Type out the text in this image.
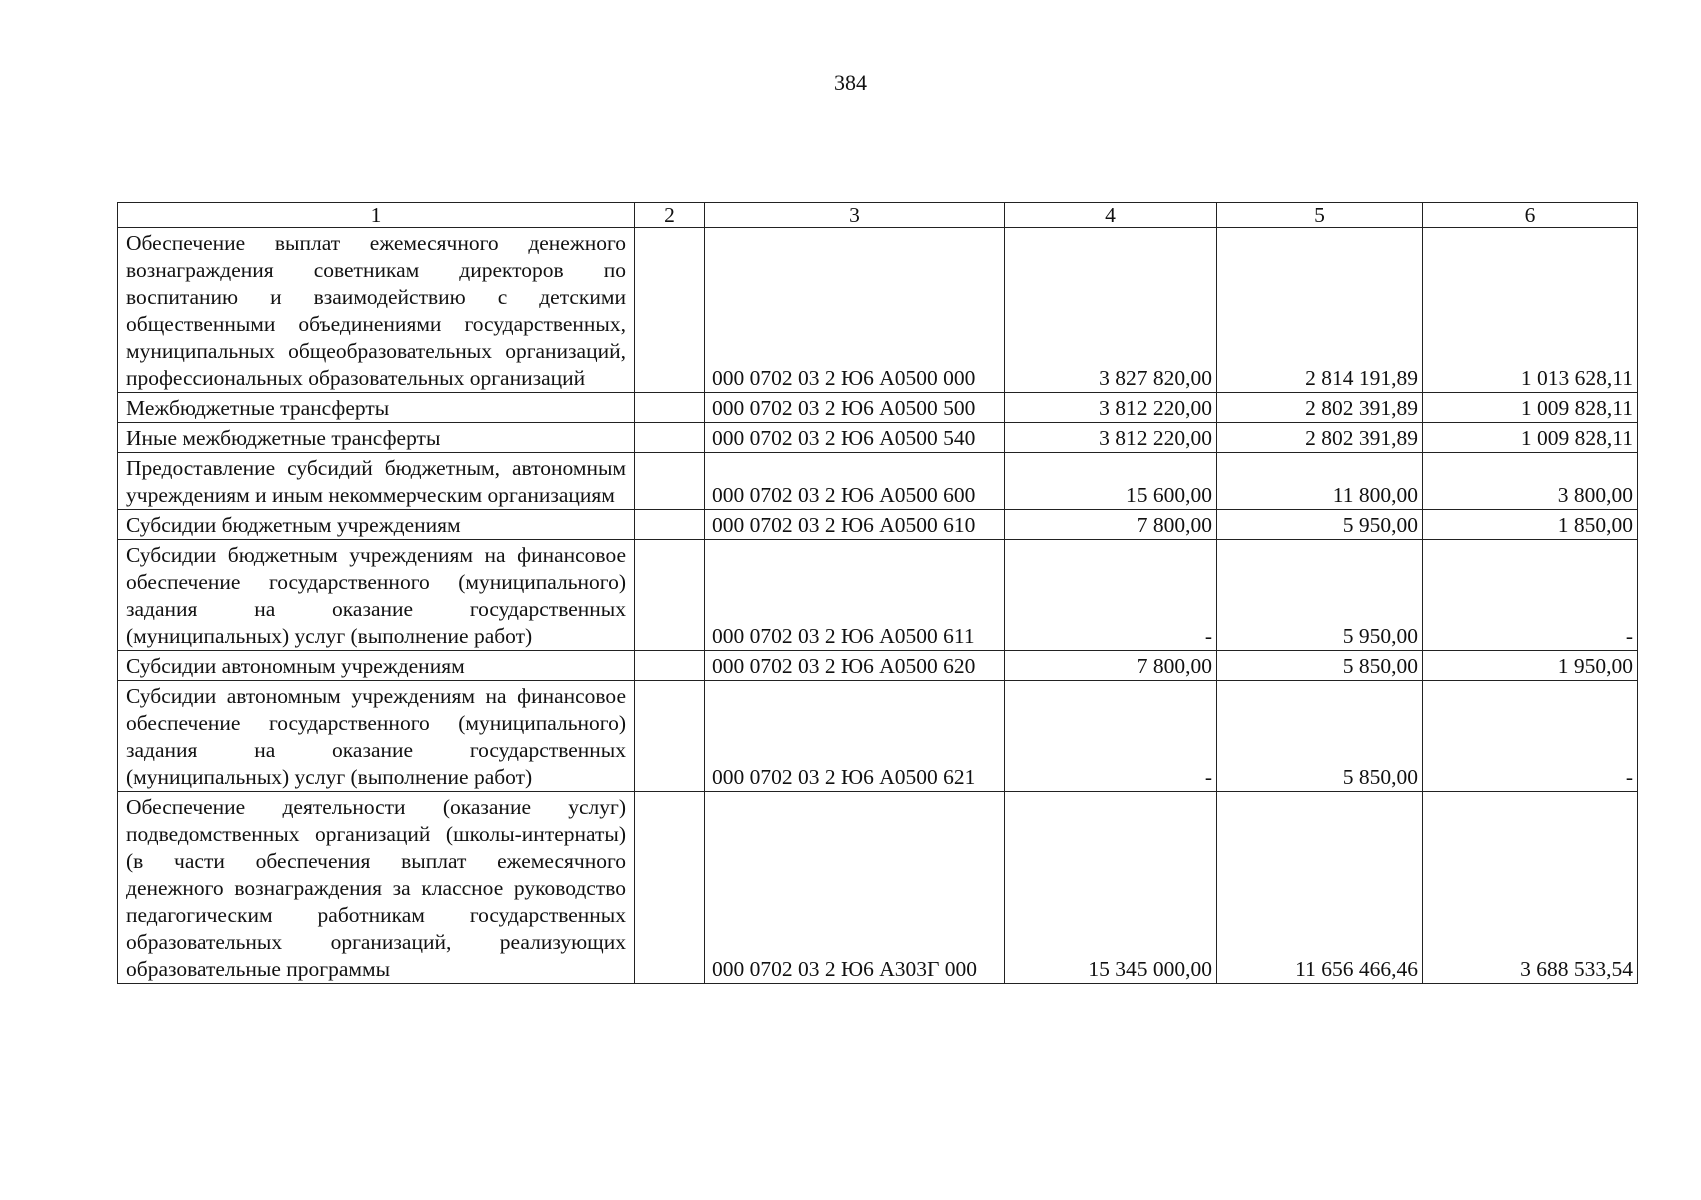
384
1	2	3	4	5	6
Обеспечение выплат ежемесячного денежного вознаграждения советникам директоров по воспитанию и взаимодействию с детскими общественными объединениями государственных, муниципальных общеобразовательных организаций, профессиональных образовательных организаций		000 0702 03 2 Ю6 А0500 000	3 827 820,00	2 814 191,89	1 013 628,11
Межбюджетные трансферты		000 0702 03 2 Ю6 А0500 500	3 812 220,00	2 802 391,89	1 009 828,11
Иные межбюджетные трансферты		000 0702 03 2 Ю6 А0500 540	3 812 220,00	2 802 391,89	1 009 828,11
Предоставление субсидий бюджетным, автономным учреждениям и иным некоммерческим организациям		000 0702 03 2 Ю6 А0500 600	15 600,00	11 800,00	3 800,00
Субсидии бюджетным учреждениям		000 0702 03 2 Ю6 А0500 610	7 800,00	5 950,00	1 850,00
Субсидии бюджетным учреждениям на финансовое обеспечение государственного (муниципального) задания на оказание государственных (муниципальных) услуг (выполнение работ)		000 0702 03 2 Ю6 А0500 611	-	5 950,00	-
Субсидии автономным учреждениям		000 0702 03 2 Ю6 А0500 620	7 800,00	5 850,00	1 950,00
Субсидии автономным учреждениям на финансовое обеспечение государственного (муниципального) задания на оказание государственных (муниципальных) услуг (выполнение работ)		000 0702 03 2 Ю6 А0500 621	-	5 850,00	-
Обеспечение деятельности (оказание услуг) подведомственных организаций (школы-интернаты) (в части обеспечения выплат ежемесячного денежного вознаграждения за классное руководство педагогическим работникам государственных образовательных организаций, реализующих образовательные программы		000 0702 03 2 Ю6 А303Г 000	15 345 000,00	11 656 466,46	3 688 533,54
